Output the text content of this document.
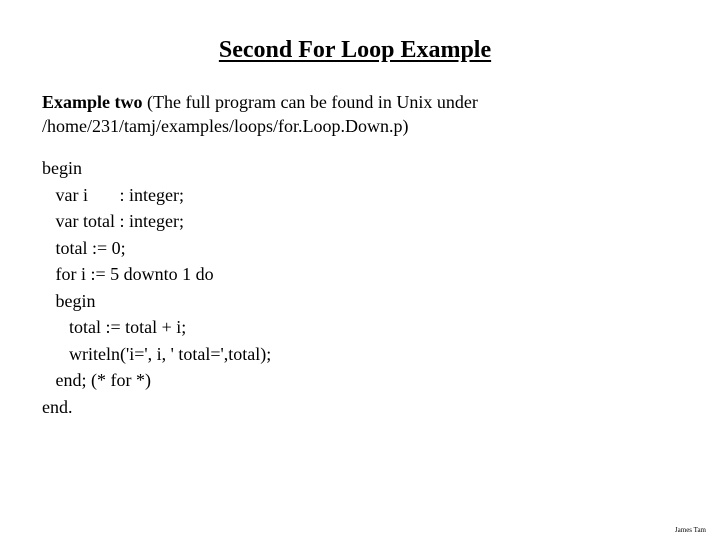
Second For Loop Example
Example two (The full program can be found in Unix under
/home/231/tamj/examples/loops/for.Loop.Down.p)
begin
var i       : integer;
var total : integer;
total := 0;
for i := 5 downto 1 do
begin
total := total + i;
writeln('i=', i, ' total=',total);
end; (* for *)
end.
James Tam
